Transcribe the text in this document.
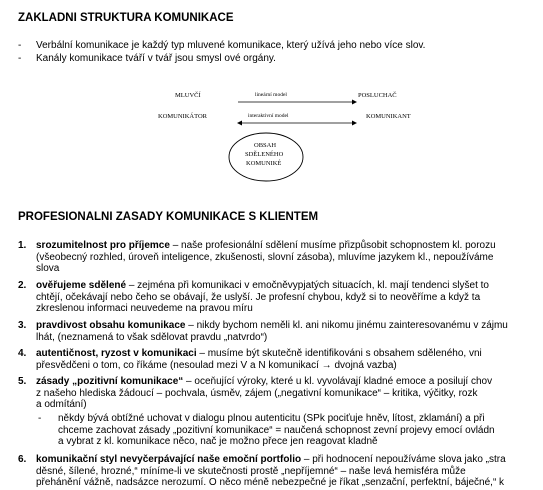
ZAKLADNI STRUKTURA KOMUNIKACE
- Verbální komunikace je každý typ mluvené komunikace, který užívá jeho nebo více slov.
- Kanály komunikace tváří v tvář jsou smysl ové orgány.
MLUVČÍ	POSLUCHAČ
lineární model
KOMUNIKÁTOR	KOMUNIKANT
interaktivní model
OBSAH
SDĚLENÉHO
KOMUNIKÉ
PROFESIONALNI ZASADY KOMUNIKACE S KLIENTEM
1. srozumitelnost pro příjemce – naše profesionální sdělení musíme přizpůsobit schopnostem kl. porozu
(všeobecný rozhled, úroveň inteligence, zkušenosti, slovní zásoba), mluvíme jazykem kl., nepoužíváme
slova
2. ověřujeme sdělené – zejména při komunikaci v emočněvypjatých situacích, kl. mají tendenci slyšet to
chtějí, očekávají nebo čeho se obávají, že uslyší. Je profesní chybou, když si to neověříme a když ta
zkreslenou informaci neuvedeme na pravou míru
3. pravdivost obsahu komunikace – nikdy bychom neměli kl. ani nikomu jinému zainteresovanému v zájmu
lhát, (neznamená to však sdělovat pravdu „natvrdo“)
4. autentičnost, ryzost v komunikaci – musíme být skutečně identifikováni s obsahem sděleného, vni
přesvědčeni o tom, co říkáme (nesoulad mezi V a N komunikací → dvojná vazba)
5. zásady „pozitivní komunikace“ – oceňující výroky, které u kl. vyvolávají kladné emoce a posilují chov
z našeho hlediska žádoucí – pochvala, úsměv, zájem („negativní komunikace“ – kritika, výčitky, rozk
a odmítání)
- někdy bývá obtížné uchovat v dialogu plnou autenticitu (SPk pociťuje hněv, lítost, zklamání) a při
chceme zachovat zásady „pozitivní komunikace“ = naučená schopnost zevní projevy emocí ovládn
a vybrat z kl. komunikace něco, nač je možno přece jen reagovat kladně
6. komunikační styl nevyčerpávající naše emoční portfolio – při hodnocení nepoužíváme slova jako „stra
děsné, šílené, hrozné,“ míníme-li ve skutečnosti prostě „nepříjemné“ – naše levá hemisféra může
přehánění vážně, nadsázce nerozumí. O něco méně nebezpečné je říkat „senzační, perfektní, báječné,“ k
